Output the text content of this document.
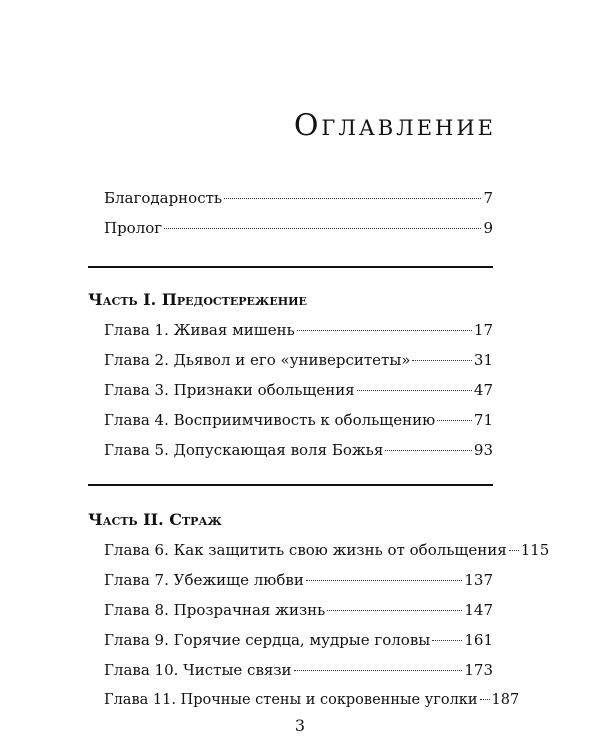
Оглавление
Благодарность	7
Пролог	9
Часть I. Предостережение
Глава 1. Живая мишень	17
Глава 2. Дьявол и его «университеты»	31
Глава 3. Признаки обольщения	47
Глава 4. Восприимчивость к обольщению	71
Глава 5. Допускающая воля Божья	93
Часть II. Страж
Глава 6. Как защитить свою жизнь от обольщения 115
Глава 7. Убежище любви	137
Глава 8. Прозрачная жизнь	147
Глава 9. Горячие сердца, мудрые головы 161
Глава 10. Чистые связи	173
Глава 11. Прочные стены и сокровенные уголки 187
3
